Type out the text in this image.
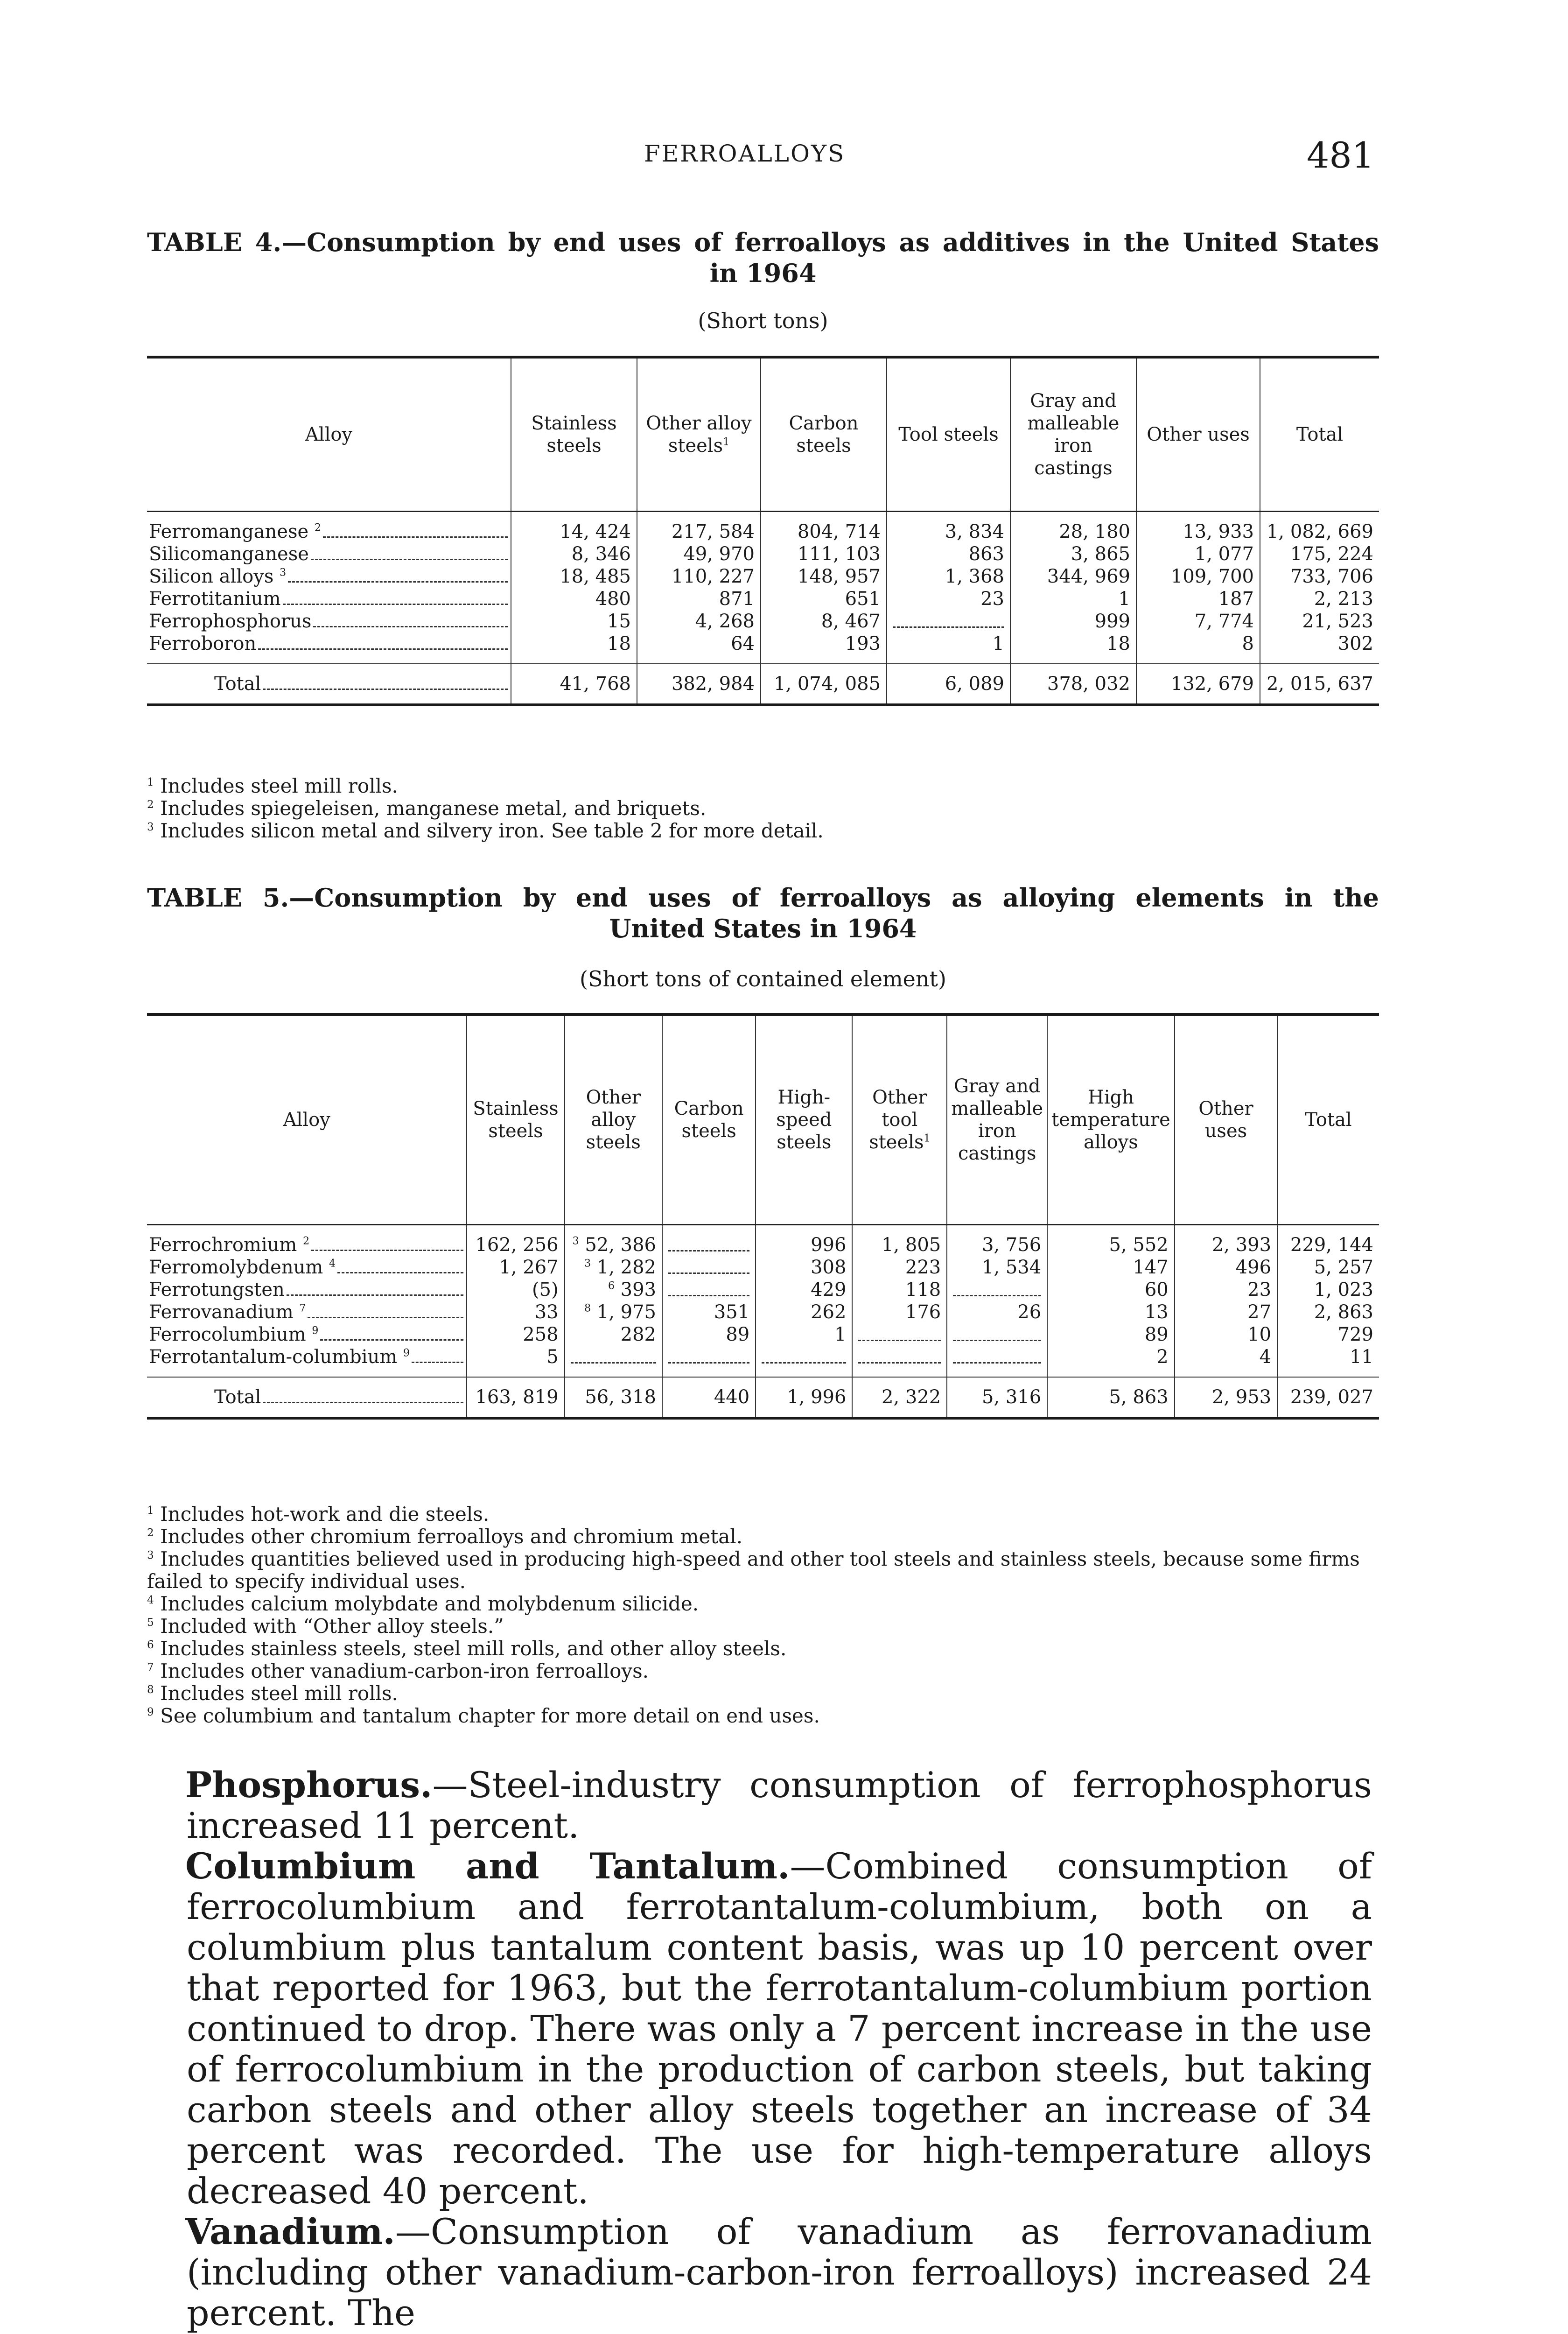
FERROALLOYS	481
TABLE 4.—Consumption by end uses of ferroalloys as additives in the United States
in 1964
(Short tons)
Alloy	Stainless steels	Other alloy steels$^1$	Carbon steels	Tool steels	Gray and malleable iron castings	Other uses	Total

Ferromanganese $^2$	14, 424	217, 584	804, 714	3, 834	28, 180	13, 933	1, 082, 669

Silicomanganese	8, 346	49, 970	111, 103	863	3, 865	1, 077	175, 224

Silicon alloys $^3$	18, 485	110, 227	148, 957	1, 368	344, 969	109, 700	733, 706

Ferrotitanium	480	871	651	23	1	187	2, 213

Ferrophosphorus	15	4, 268	8, 467		999	7, 774	21, 523

Ferroboron	18	64	193	1	18	8	302

Total	41, 768	382, 984	1, 074, 085	6, 089	378, 032	132, 679	2, 015, 637

$^1$ Includes steel mill rolls.

$^2$ Includes spiegeleisen, manganese metal, and briquets.

$^3$ Includes silicon metal and silvery iron. See table 2 for more detail.

TABLE 5.—Consumption by end uses of ferroalloys as alloying elements in the
United States in 1964
(Short tons of contained element)
Alloy	Stainless steels	Other alloy steels	Carbon steels	High-speed steels	Other tool steels$^1$	Gray and malleable iron castings	High temperature alloys	Other uses	Total

Ferrochromium $^2$	162, 256	$^3$ 52, 386		996	1, 805	3, 756	5, 552	2, 393	229, 144

Ferromolybdenum $^4$	1, 267	$^3$ 1, 282		308	223	1, 534	147	496	5, 257

Ferrotungsten	(5)	$^6$ 393		429	118		60	23	1, 023

Ferrovanadium $^7$	33	$^8$ 1, 975	351	262	176	26	13	27	2, 863

Ferrocolumbium $^9$	258	282	89	1			89	10	729

Ferrotantalum-columbium $^9$	5						2	4	11

Total	163, 819	56, 318	440	1, 996	2, 322	5, 316	5, 863	2, 953	239, 027

$^1$ Includes hot-work and die steels.

$^2$ Includes other chromium ferroalloys and chromium metal.

$^3$ Includes quantities believed used in producing high-speed and other tool steels and stainless steels, because some firms failed to specify individual uses.

$^4$ Includes calcium molybdate and molybdenum silicide.

$^5$ Included with “Other alloy steels.”

$^6$ Includes stainless steels, steel mill rolls, and other alloy steels.

$^7$ Includes other vanadium-carbon-iron ferroalloys.

$^8$ Includes steel mill rolls.

$^9$ See columbium and tantalum chapter for more detail on end uses.

Phosphorus.—Steel-industry consumption of ferrophosphorus increased 11 percent.

Columbium and Tantalum.—Combined consumption of ferrocolumbium and ferrotantalum-columbium, both on a columbium plus tantalum content basis, was up 10 percent over that reported for 1963, but the ferrotantalum-columbium portion continued to drop. There was only a 7 percent increase in the use of ferrocolumbium in the production of carbon steels, but taking carbon steels and other alloy steels together an increase of 34 percent was recorded. The use for high-temperature alloys decreased 40 percent.

Vanadium.—Consumption of vanadium as ferrovanadium (including other vanadium-carbon-iron ferroalloys) increased 24 percent. The
